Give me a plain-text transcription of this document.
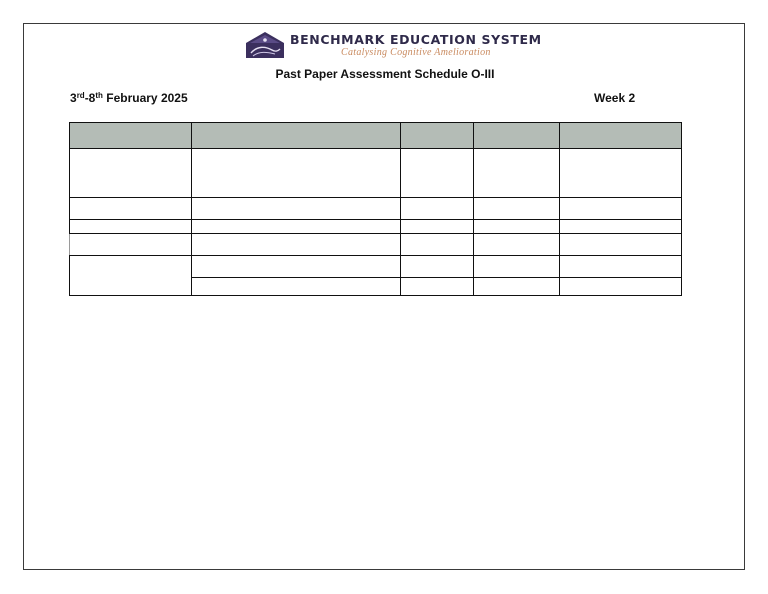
BENCHMARK EDUCATION SYSTEM
Catalysing Cognitive Amelioration
Past Paper Assessment Schedule O-III
3rd-8th February 2025	Week 2
